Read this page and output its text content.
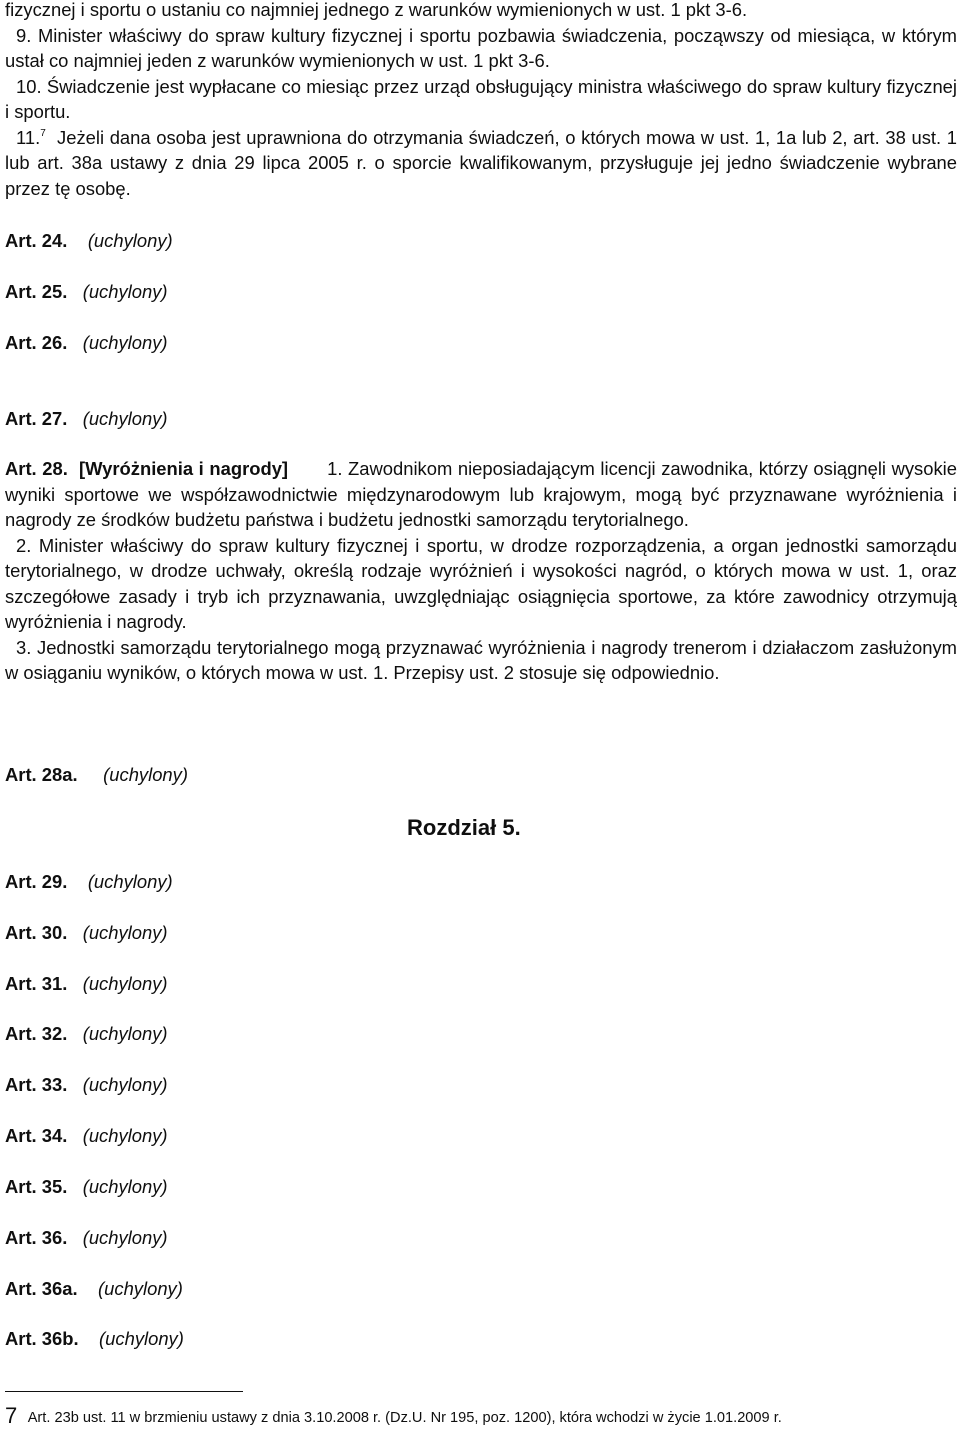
fizycznej i sportu o ustaniu co najmniej jednego z warunków wymienionych w ust. 1 pkt 3-6.

9. Minister właściwy do spraw kultury fizycznej i sportu pozbawia świadczenia, począwszy od miesiąca, w którym ustał co najmniej jeden z warunków wymienionych w ust. 1 pkt 3-6.

10. Świadczenie jest wypłacane co miesiąc przez urząd obsługujący ministra właściwego do spraw kultury fizycznej i sportu.

11.$^7$ Jeżeli dana osoba jest uprawniona do otrzymania świadczeń, o których mowa w ust. 1, 1a lub 2, art. 38 ust. 1 lub art. 38a ustawy z dnia 29 lipca 2005 r. o sporcie kwalifikowanym, przysługuje jej jedno świadczenie wybrane przez tę osobę.

Art. 24. (uchylony)
Art. 25. (uchylony)
Art. 26. (uchylony)
Art. 27. (uchylony)

Art. 28. [Wyróżnienia i nagrody] 1. Zawodnikom nieposiadającym licencji zawodnika, którzy osiągnęli wysokie wyniki sportowe we współzawodnictwie międzynarodowym lub krajowym, mogą być przyznawane wyróżnienia i nagrody ze środków budżetu państwa i budżetu jednostki samorządu terytorialnego.

2. Minister właściwy do spraw kultury fizycznej i sportu, w drodze rozporządzenia, a organ jednostki samorządu terytorialnego, w drodze uchwały, określą rodzaje wyróżnień i wysokości nagród, o których mowa w ust. 1, oraz szczegółowe zasady i tryb ich przyznawania, uwzględniając osiągnięcia sportowe, za które zawodnicy otrzymują wyróżnienia i nagrody.

3. Jednostki samorządu terytorialnego mogą przyznawać wyróżnienia i nagrody trenerom i działaczom zasłużonym w osiąganiu wyników, o których mowa w ust. 1. Przepisy ust. 2 stosuje się odpowiednio.

Art. 28a. (uchylony)
Rozdział 5.
Art. 29. (uchylony)
Art. 30. (uchylony)
Art. 31. (uchylony)
Art. 32. (uchylony)
Art. 33. (uchylony)
Art. 34. (uchylony)
Art. 35. (uchylony)
Art. 36. (uchylony)
Art. 36a. (uchylony)
Art. 36b. (uchylony)
7 Art. 23b ust. 11 w brzmieniu ustawy z dnia 3.10.2008 r. (Dz.U. Nr 195, poz. 1200), która wchodzi w życie 1.01.2009 r.
